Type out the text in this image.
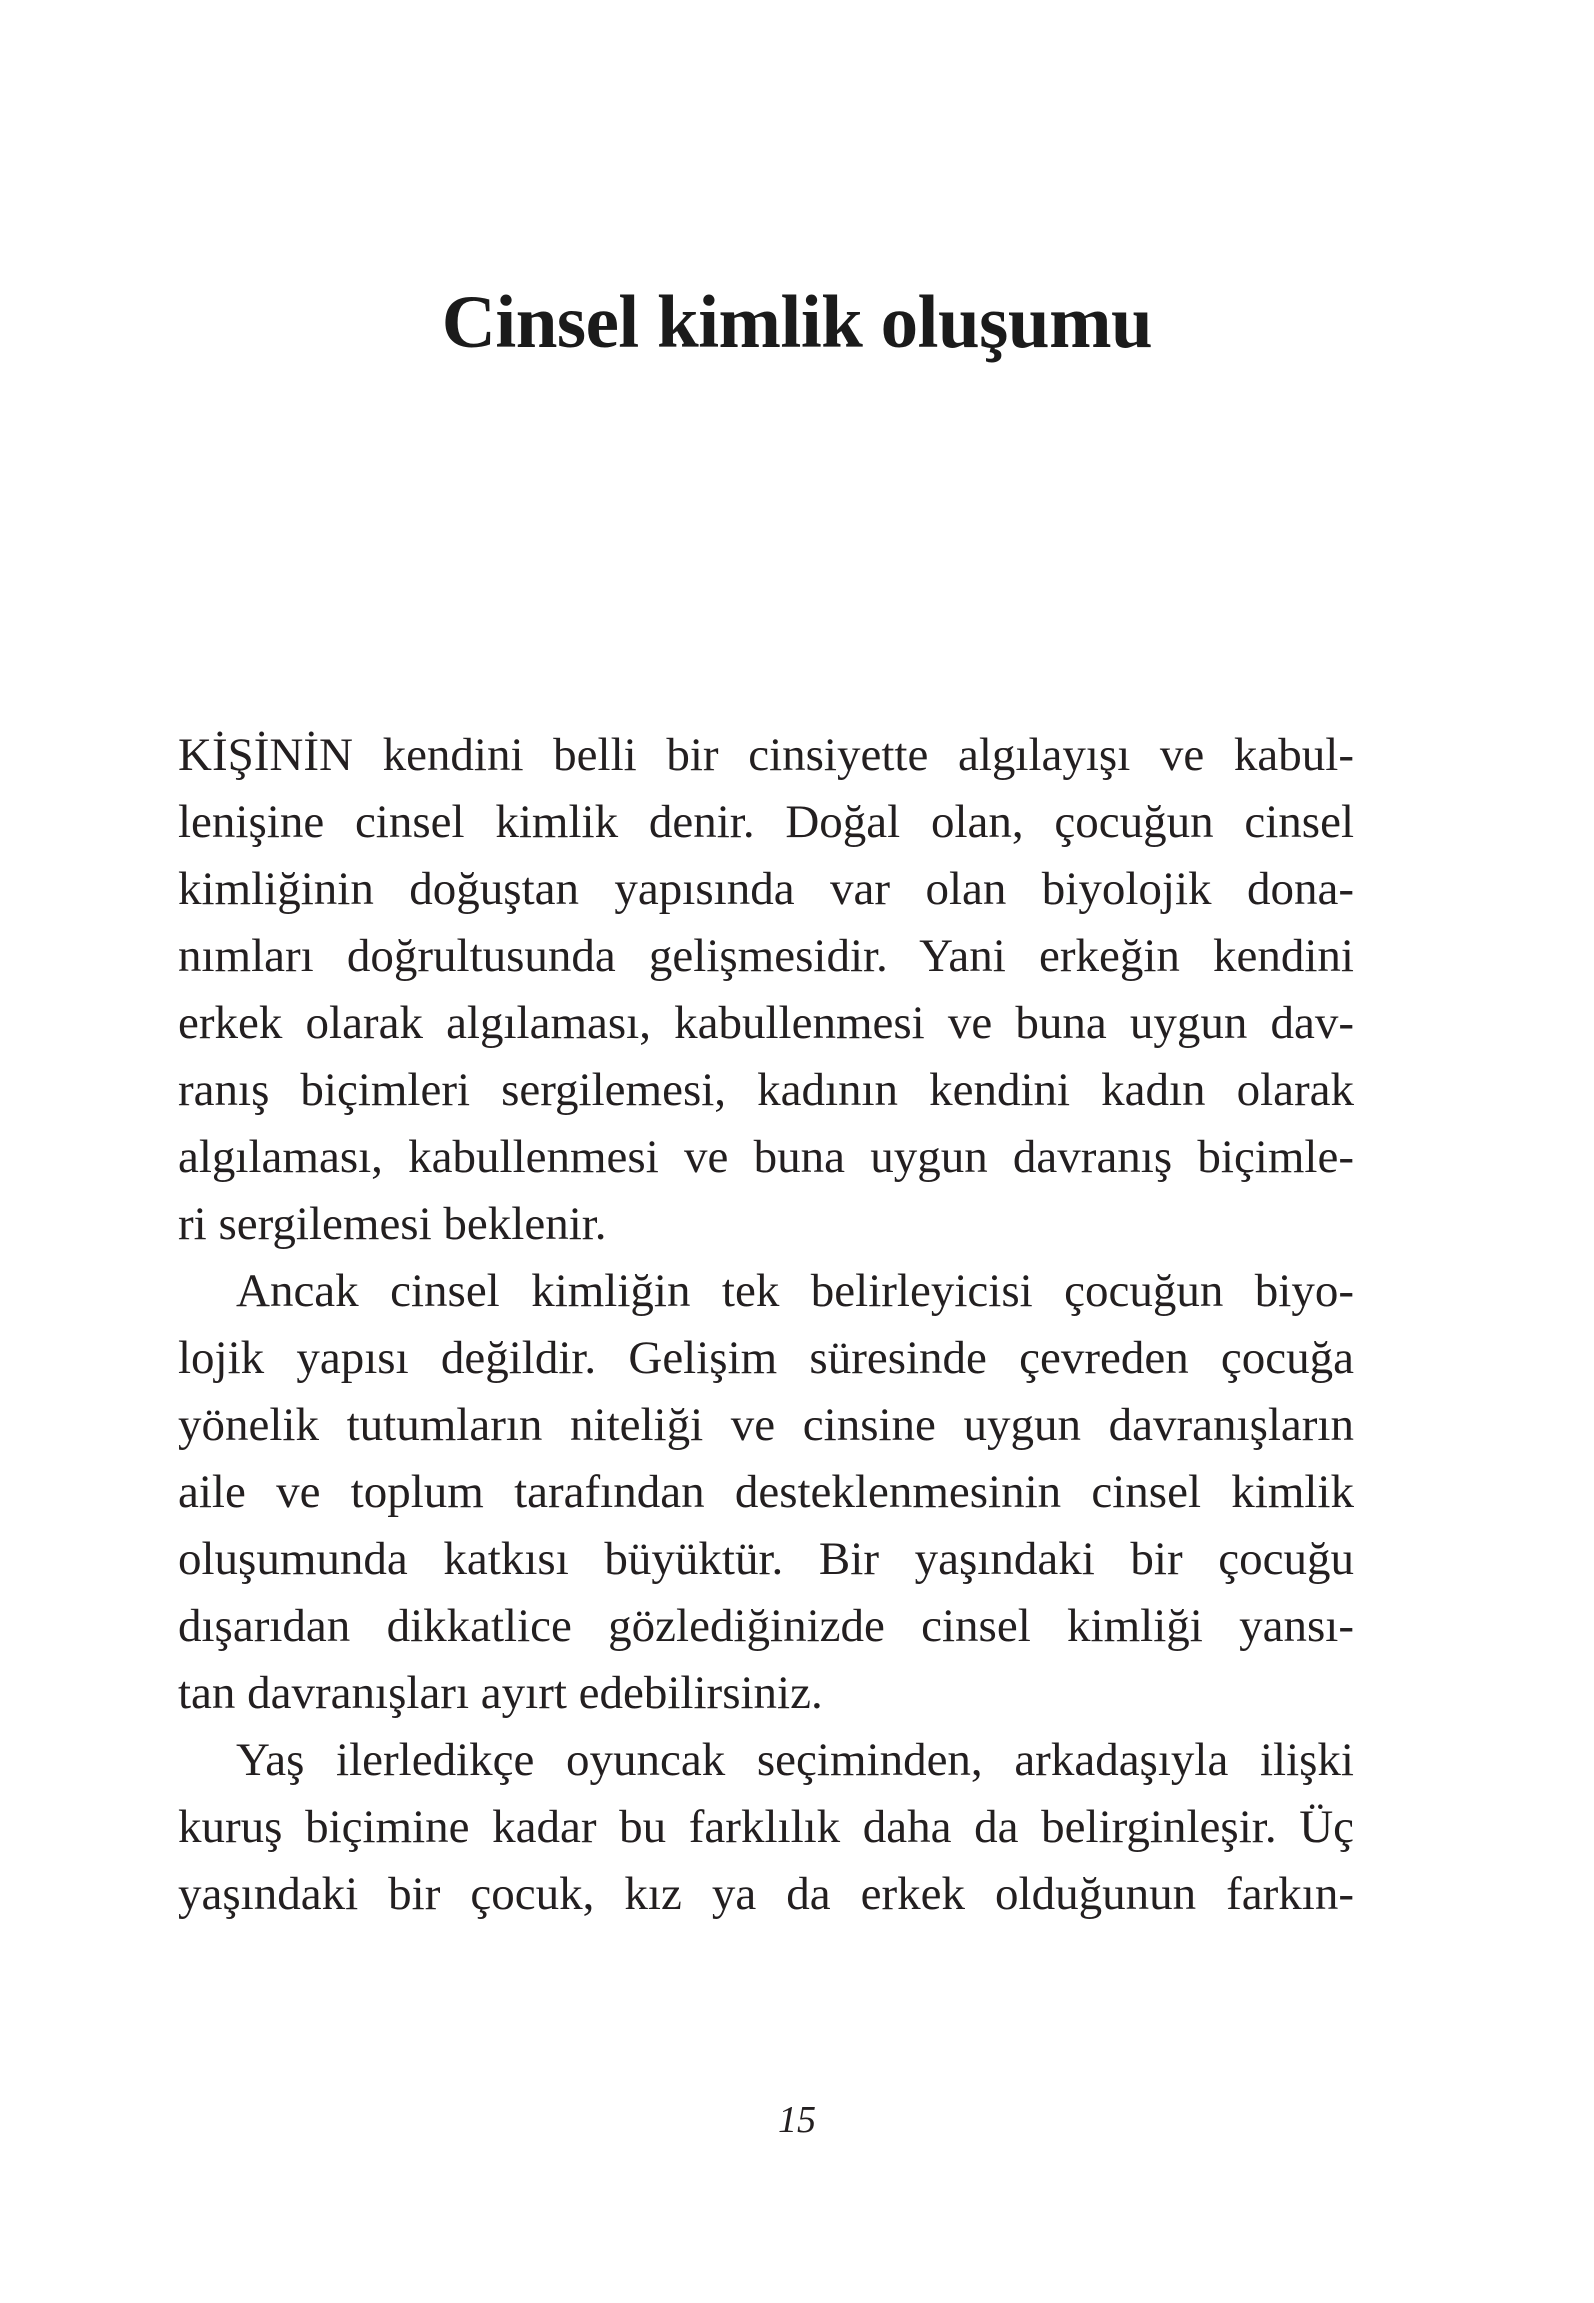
Cinsel kimlik oluşumu
KİŞİNİN kendini belli bir cinsiyette algılayışı ve kabul-
lenişine cinsel kimlik denir. Doğal olan, çocuğun cinsel
kimliğinin doğuştan yapısında var olan biyolojik dona-
nımları doğrultusunda gelişmesidir. Yani erkeğin kendini
erkek olarak algılaması, kabullenmesi ve buna uygun dav-
ranış biçimleri sergilemesi, kadının kendini kadın olarak
algılaması, kabullenmesi ve buna uygun davranış biçimle-
ri sergilemesi beklenir.
Ancak cinsel kimliğin tek belirleyicisi çocuğun biyo-
lojik yapısı değildir. Gelişim süresinde çevreden çocuğa
yönelik tutumların niteliği ve cinsine uygun davranışların
aile ve toplum tarafından desteklenmesinin cinsel kimlik
oluşumunda katkısı büyüktür. Bir yaşındaki bir çocuğu
dışarıdan dikkatlice gözlediğinizde cinsel kimliği yansı-
tan davranışları ayırt edebilirsiniz.
Yaş ilerledikçe oyuncak seçiminden, arkadaşıyla ilişki
kuruş biçimine kadar bu farklılık daha da belirginleşir. Üç
yaşındaki bir çocuk, kız ya da erkek olduğunun farkın-
15
